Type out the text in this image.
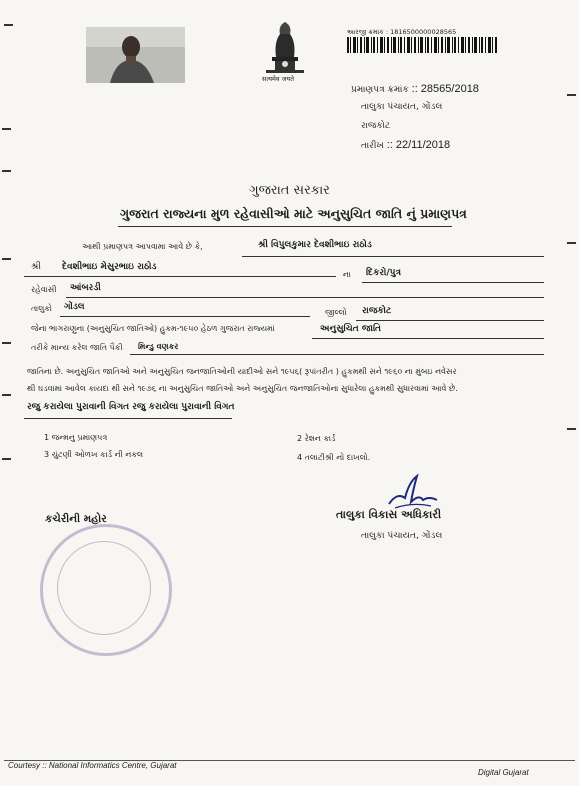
सत्यमेव जयते
આરજી ક્રમાંક : 1816500000028565
પ્રમાણપત્ર ક્રમાંક :: 28565/2018
તાલુકા પંચાયત, ગોંડલ
રાજકોટ
તારીખ :: 22/11/2018
ગુજરાત સરકાર
ગુજરાત રાજ્યના મુળ રહેવાસીઓ માટે અનુસુચિત જાતિ નું પ્રમાણપત્ર
આથી પ્રમાણપત્ર આપવામા આવે છે કે,	શ્રી વિપુલકુમાર દેવશીભાઇ રાઠોડ
શ્રી દેવશીભાઇ મેસુરભાઇ રાઠોડ
ના દિકરો/પુત્ર
રહેવાસી આંબરડી
તાલુકો ગોંડલ
જીલ્લો રાજકોટ
જેના ભાગરાણુના (અનુસુચિત જાતિઓ) હુકમ-૧૯૫૦ હેઠળ ગુજરાત રાજ્યમાં	અનુસુચિત જાતિ
તરીકે માન્ય કરેલ જાતિ પૈકી મિન્ડુ વણકર
જાતિના છે. અનુસુચિત જાતિઓ અને અનુસુચિત જનજાતિઓની યાદીઓ સને ૧૯૫૬( રૂપાંતરીત ) હુકમથી સને ૧૯૬૦ ના મુંબઇ નવેસર
થી ઘડવામાં આવેલ કાયદા થી સને ૧૯૭૬ ના અનુસુચિત જાતિઓ અને અનુસુચિત જનજાતિઓના સુધારેલા હુકમથી સુધારવામાં આવે છે.
રજુ કરાયેલા પુરાવાની વિગત રજુ કરાયેલા પુરાવાની વિગત
1 જન્મનુ પ્રમાણપત્ર	2 રેશન કાર્ડ
3 ચુંટણી ઓળખ કાર્ડ ની નકલ	4 તલાટીશ્રી નો દાખલો.
તાલુકા વિકાસ અધિકારી
તાલુકા પંચાયત, ગોંડલ
કચેરીની મહોર
Courtesy :: National Informatics Centre, Gujarat
Digital Gujarat
